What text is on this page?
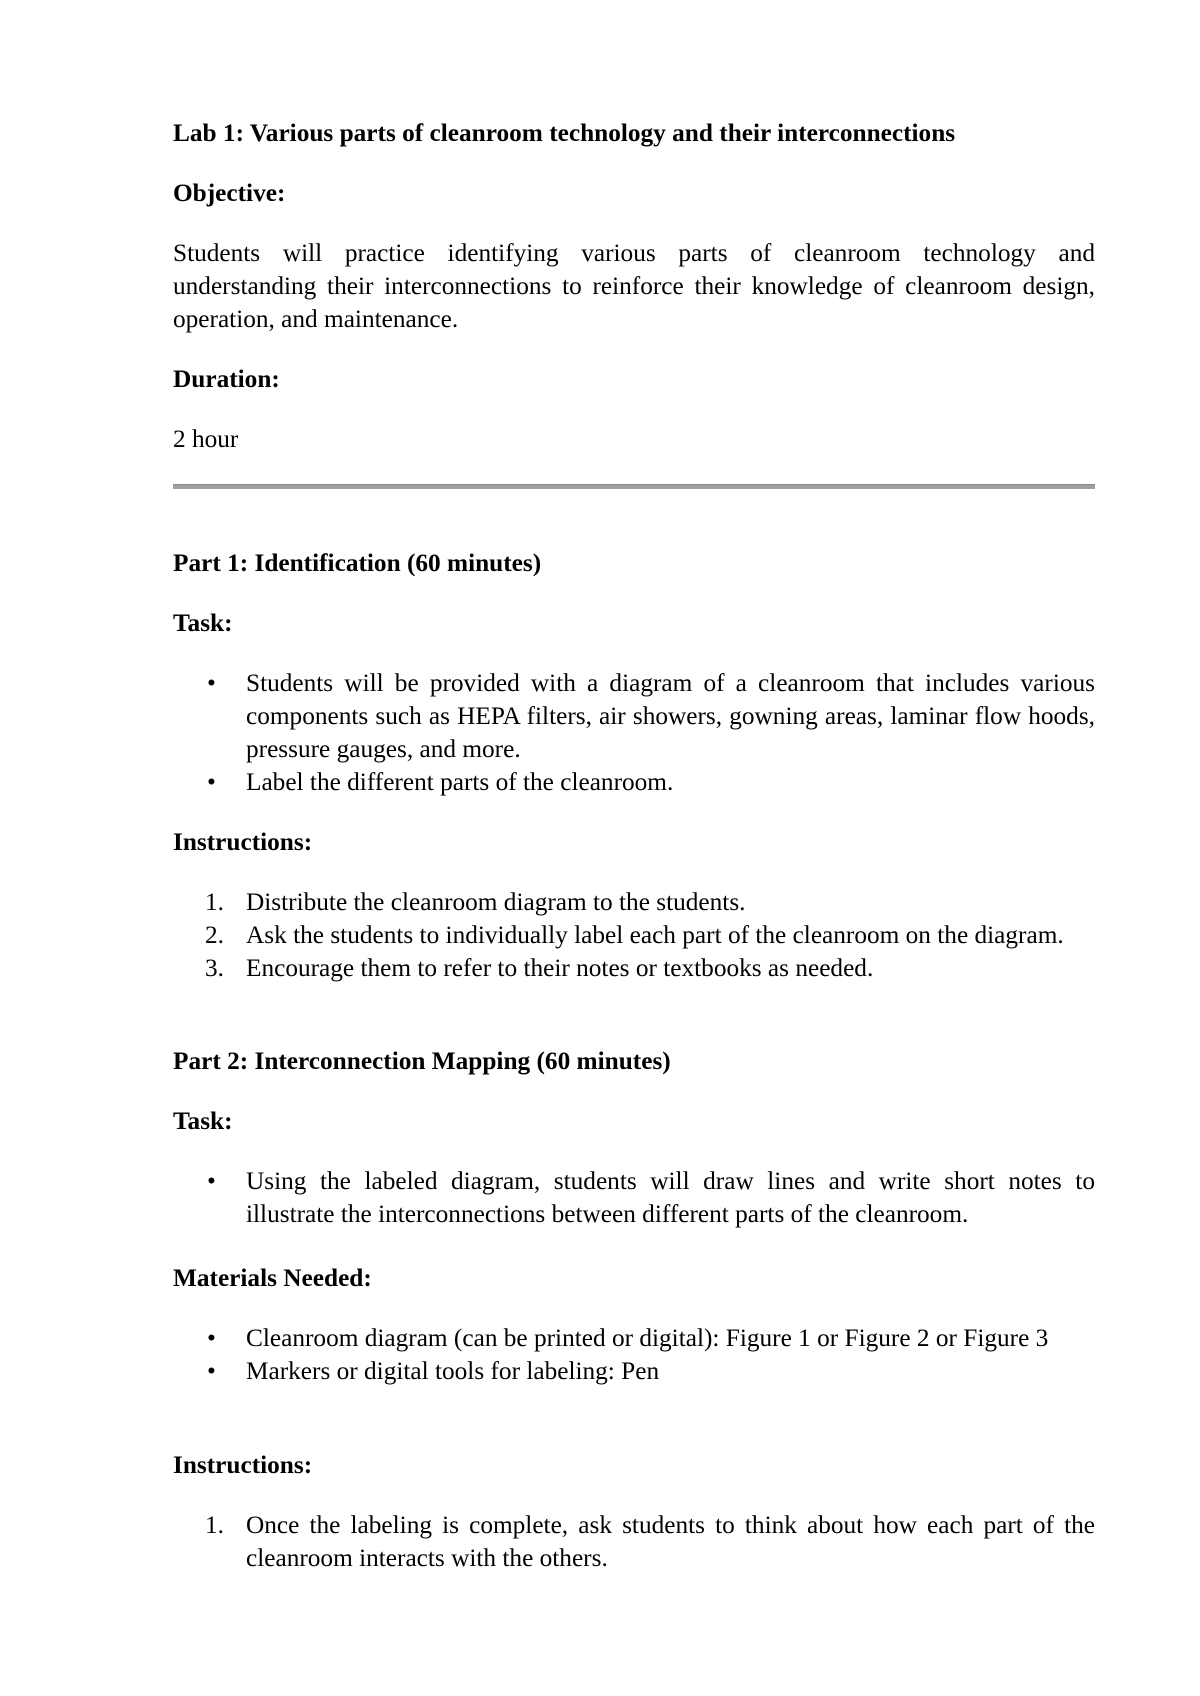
Lab 1: Various parts of cleanroom technology and their interconnections

Objective:

Students will practice identifying various parts of cleanroom technology and understanding their interconnections to reinforce their knowledge of cleanroom design, operation, and maintenance.

Duration:

2 hour

Part 1: Identification (60 minutes)

Task:

•	Students will be provided with a diagram of a cleanroom that includes various components such as HEPA filters, air showers, gowning areas, laminar flow hoods, pressure gauges, and more.
•	Label the different parts of the cleanroom.

Instructions:

1. Distribute the cleanroom diagram to the students.
2. Ask the students to individually label each part of the cleanroom on the diagram.
3. Encourage them to refer to their notes or textbooks as needed.

Part 2: Interconnection Mapping (60 minutes)

Task:

•	Using the labeled diagram, students will draw lines and write short notes to illustrate the interconnections between different parts of the cleanroom.

Materials Needed:

•	Cleanroom diagram (can be printed or digital): Figure 1 or Figure 2 or Figure 3
•	Markers or digital tools for labeling: Pen

Instructions:

1. Once the labeling is complete, ask students to think about how each part of the cleanroom interacts with the others.
